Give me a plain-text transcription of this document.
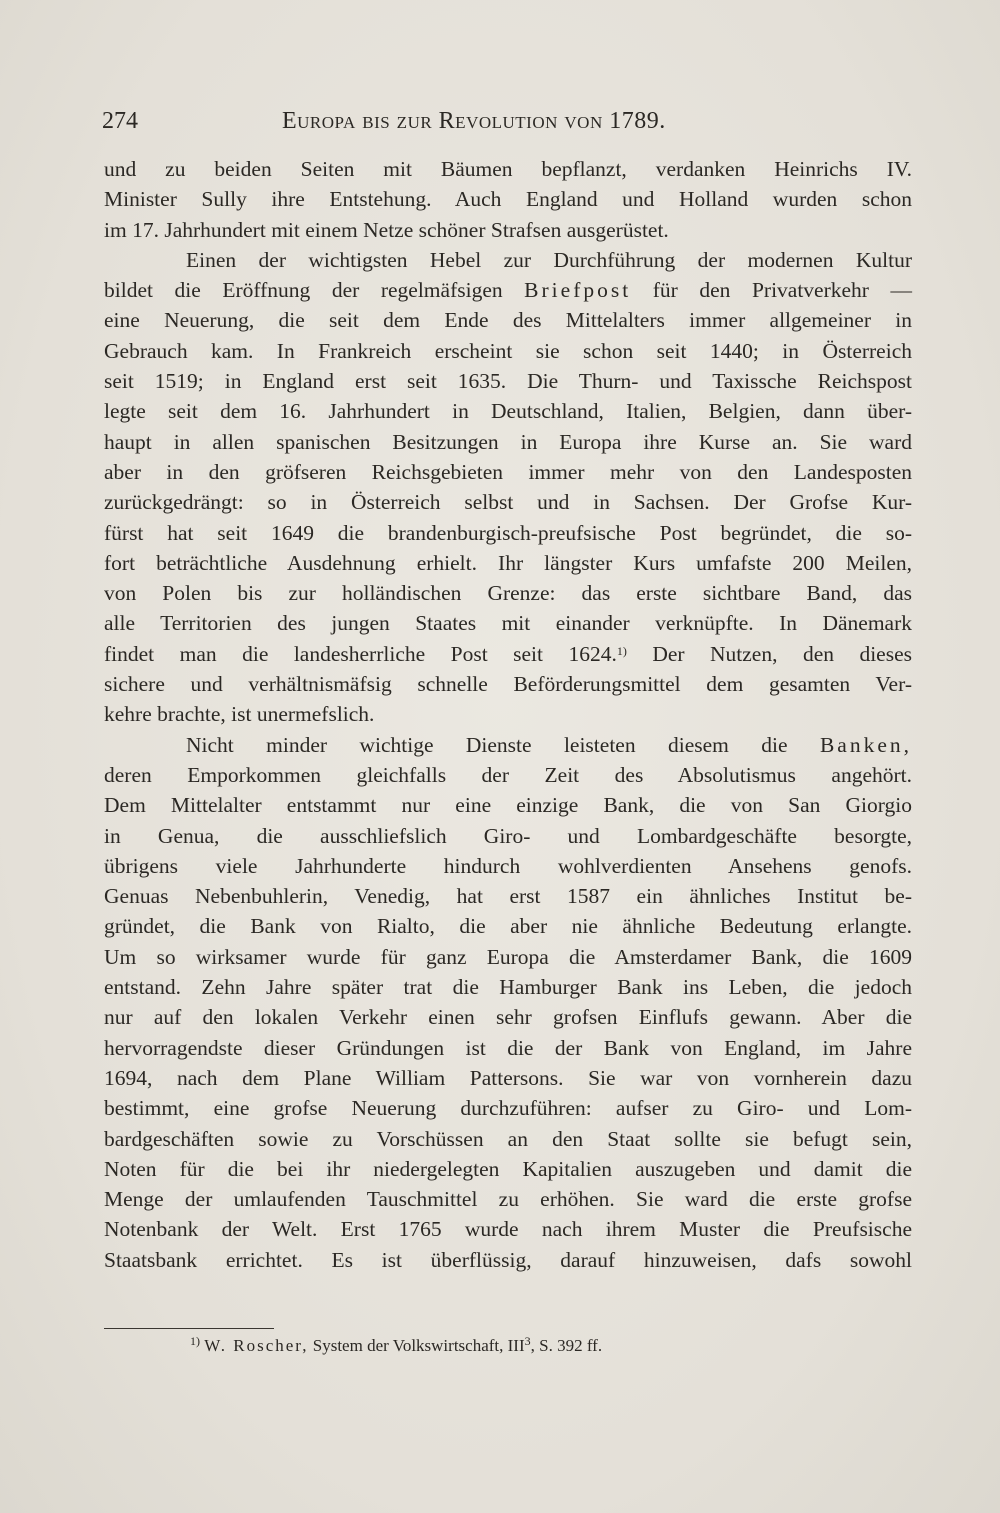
274	Europa bis zur Revolution von 1789.
und zu beiden Seiten mit Bäumen bepflanzt, verdanken Heinrichs IV.
Minister Sully ihre Entstehung. Auch England und Holland wurden schon
im 17. Jahrhundert mit einem Netze schöner Strafsen ausgerüstet.
Einen der wichtigsten Hebel zur Durchführung der modernen Kultur
bildet die Eröffnung der regelmäfsigen Briefpost für den Privatverkehr —
eine Neuerung, die seit dem Ende des Mittelalters immer allgemeiner in
Gebrauch kam. In Frankreich erscheint sie schon seit 1440; in Österreich
seit 1519; in England erst seit 1635. Die Thurn- und Taxissche Reichspost
legte seit dem 16. Jahrhundert in Deutschland, Italien, Belgien, dann über-
haupt in allen spanischen Besitzungen in Europa ihre Kurse an. Sie ward
aber in den gröfseren Reichsgebieten immer mehr von den Landesposten
zurückgedrängt: so in Österreich selbst und in Sachsen. Der Grofse Kur-
fürst hat seit 1649 die brandenburgisch-preufsische Post begründet, die so-
fort beträchtliche Ausdehnung erhielt. Ihr längster Kurs umfafste 200 Meilen,
von Polen bis zur holländischen Grenze: das erste sichtbare Band, das
alle Territorien des jungen Staates mit einander verknüpfte. In Dänemark
findet man die landesherrliche Post seit 1624.$^{1)}$ Der Nutzen, den dieses
sichere und verhältnismäfsig schnelle Beförderungsmittel dem gesamten Ver-
kehre brachte, ist unermefslich.
Nicht minder wichtige Dienste leisteten diesem die Banken,
deren Emporkommen gleichfalls der Zeit des Absolutismus angehört.
Dem Mittelalter entstammt nur eine einzige Bank, die von San Giorgio
in Genua, die ausschliefslich Giro- und Lombardgeschäfte besorgte,
übrigens viele Jahrhunderte hindurch wohlverdienten Ansehens genofs.
Genuas Nebenbuhlerin, Venedig, hat erst 1587 ein ähnliches Institut be-
gründet, die Bank von Rialto, die aber nie ähnliche Bedeutung erlangte.
Um so wirksamer wurde für ganz Europa die Amsterdamer Bank, die 1609
entstand. Zehn Jahre später trat die Hamburger Bank ins Leben, die jedoch
nur auf den lokalen Verkehr einen sehr grofsen Einflufs gewann. Aber die
hervorragendste dieser Gründungen ist die der Bank von England, im Jahre
1694, nach dem Plane William Pattersons. Sie war von vornherein dazu
bestimmt, eine grofse Neuerung durchzuführen: aufser zu Giro- und Lom-
bardgeschäften sowie zu Vorschüssen an den Staat sollte sie befugt sein,
Noten für die bei ihr niedergelegten Kapitalien auszugeben und damit die
Menge der umlaufenden Tauschmittel zu erhöhen. Sie ward die erste grofse
Notenbank der Welt. Erst 1765 wurde nach ihrem Muster die Preufsische
Staatsbank errichtet. Es ist überflüssig, darauf hinzuweisen, dafs sowohl
$^{1)}$ W. Roscher, System der Volkswirtschaft, III$^3$, S. 392 ff.
